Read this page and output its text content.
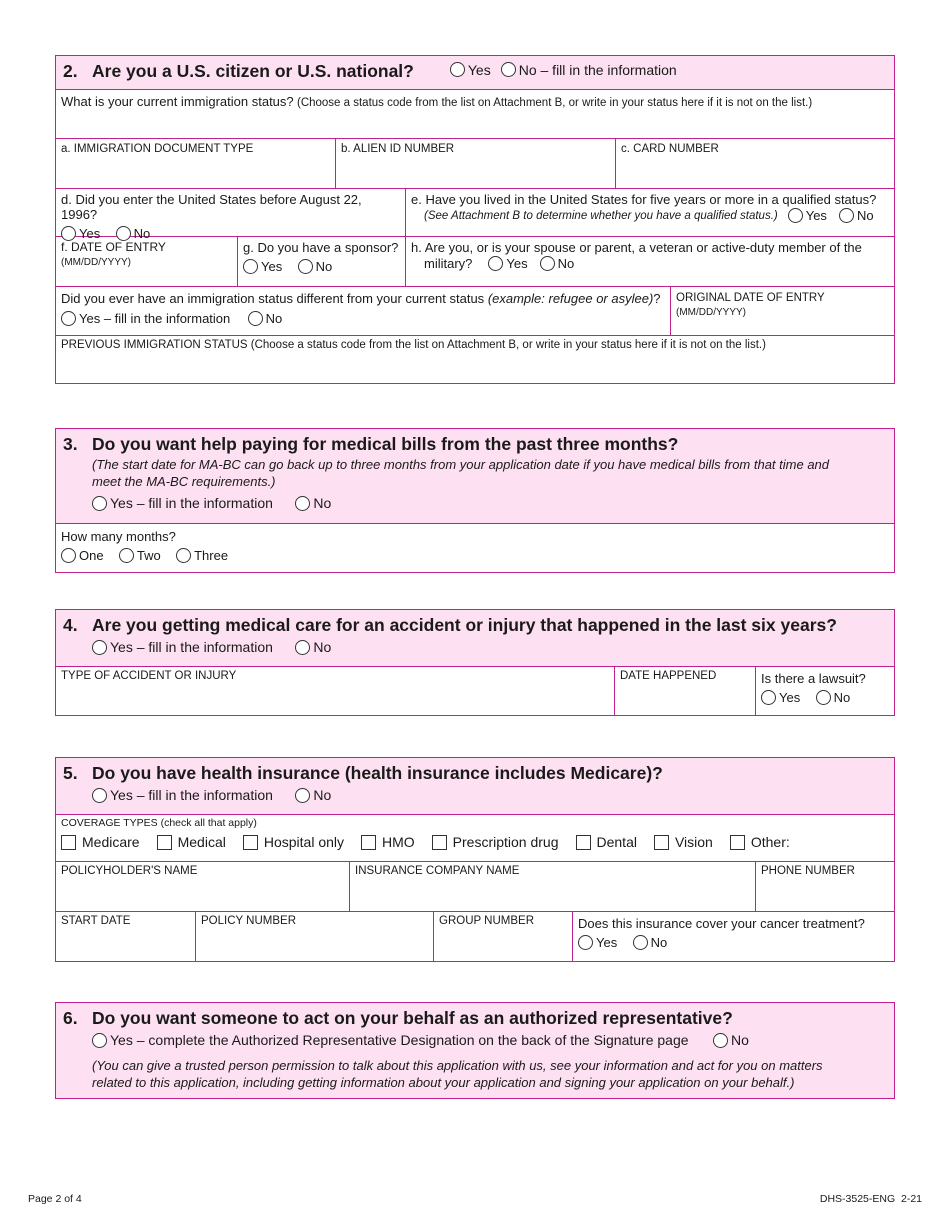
2. Are you a U.S. citizen or U.S. national?	Yes No – fill in the information
What is your current immigration status? (Choose a status code from the list on Attachment B, or write in your status here if it is not on the list.)
a. IMMIGRATION DOCUMENT TYPE	b. ALIEN ID NUMBER	c. CARD NUMBER
d. Did you enter the United States before August 22, 1996?
Yes
	No
e. Have you lived in the United States for five years or more in a qualified status?
(See Attachment B to determine whether you have a qualified status.) Yes No
f. DATE OF ENTRY (MM/DD/YYYY)
g. Do you have a sponsor?
Yes
	No
h. Are you, or is your spouse or parent, a veteran or active-duty member of the
military?	Yes No
Did you ever have an immigration status different from your current status (example: refugee or asylee)?
Yes – fill in the information
	No
ORIGINAL DATE OF ENTRY (MM/DD/YYYY)
PREVIOUS IMMIGRATION STATUS (Choose a status code from the list on Attachment B, or write in your status here if it is not on the list.)
3. Do you want help paying for medical bills from the past three months?
(The start date for MA-BC can go back up to three months from your application date if you have medical bills from that time and meet the MA-BC requirements.)
Yes – fill in the information
	No
How many months?
One
	Two
	Three
4. Are you getting medical care for an accident or injury that happened in the last six years?
Yes – fill in the information
	No
TYPE OF ACCIDENT OR INJURY	DATE HAPPENED	Is there a lawsuit?
Yes
	No
5. Do you have health insurance (health insurance includes Medicare)?
Yes – fill in the information
	No
COVERAGE TYPES (check all that apply)
Medicare	Medical	Hospital only	HMO	Prescription drug	Dental	Vision	Other:
POLICYHOLDER'S NAME	INSURANCE COMPANY NAME	PHONE NUMBER
START DATE	POLICY NUMBER	GROUP NUMBER	Does this insurance cover your cancer treatment?
Yes
	No
6. Do you want someone to act on your behalf as an authorized representative?
Yes – complete the Authorized Representative Designation on the back of the Signature page
	No
(You can give a trusted person permission to talk about this application with us, see your information and act for you on matters related to this application, including getting information about your application and signing your application on your behalf.)
Page 2 of 4	DHS-3525-ENG  2-21
